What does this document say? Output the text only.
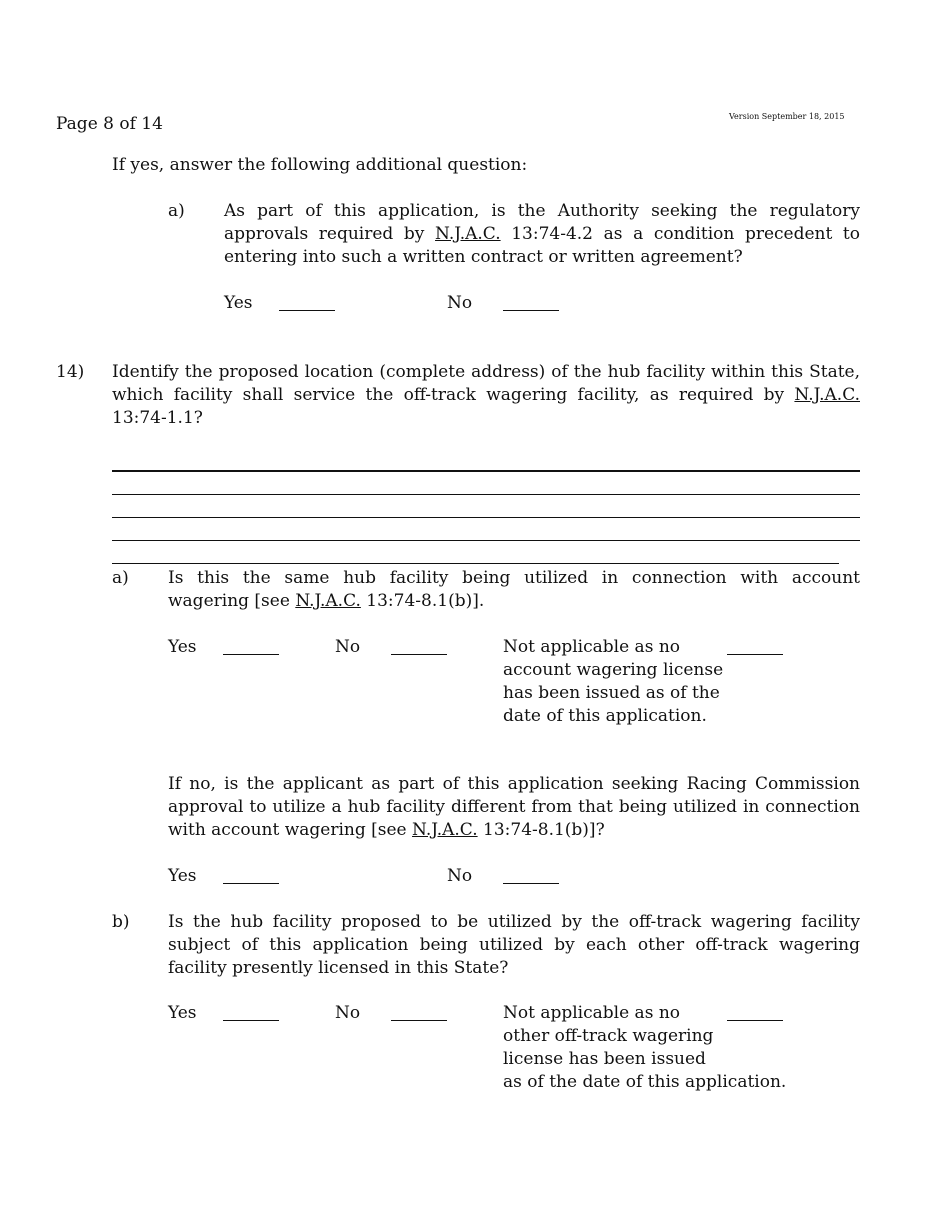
Page 8 of 14	Version September 18, 2015
If yes, answer the following additional question:
a) As part of this application, is the Authority seeking the regulatory
approvals required by N.J.A.C. 13:74-4.2 as a condition precedent to
entering into such a written contract or written agreement?
Yes	No
14) Identify the proposed location (complete address) of the hub facility within this State,
which facility shall service the off-track wagering facility, as required by N.J.A.C.
13:74-1.1?
a) Is this the same hub facility being utilized in connection with account
wagering [see N.J.A.C. 13:74-8.1(b)].
Yes	No	Not applicable as no
account wagering license
has been issued as of the
date of this application.
If no, is the applicant as part of this application seeking Racing Commission
approval to utilize a hub facility different from that being utilized in connection
with account wagering [see N.J.A.C. 13:74-8.1(b)]?
Yes	No
b) Is the hub facility proposed to be utilized by the off-track wagering facility
subject of this application being utilized by each other off-track wagering
facility presently licensed in this State?
Yes	No	Not applicable as no
other off-track wagering
license has been issued
as of the date of this application.
